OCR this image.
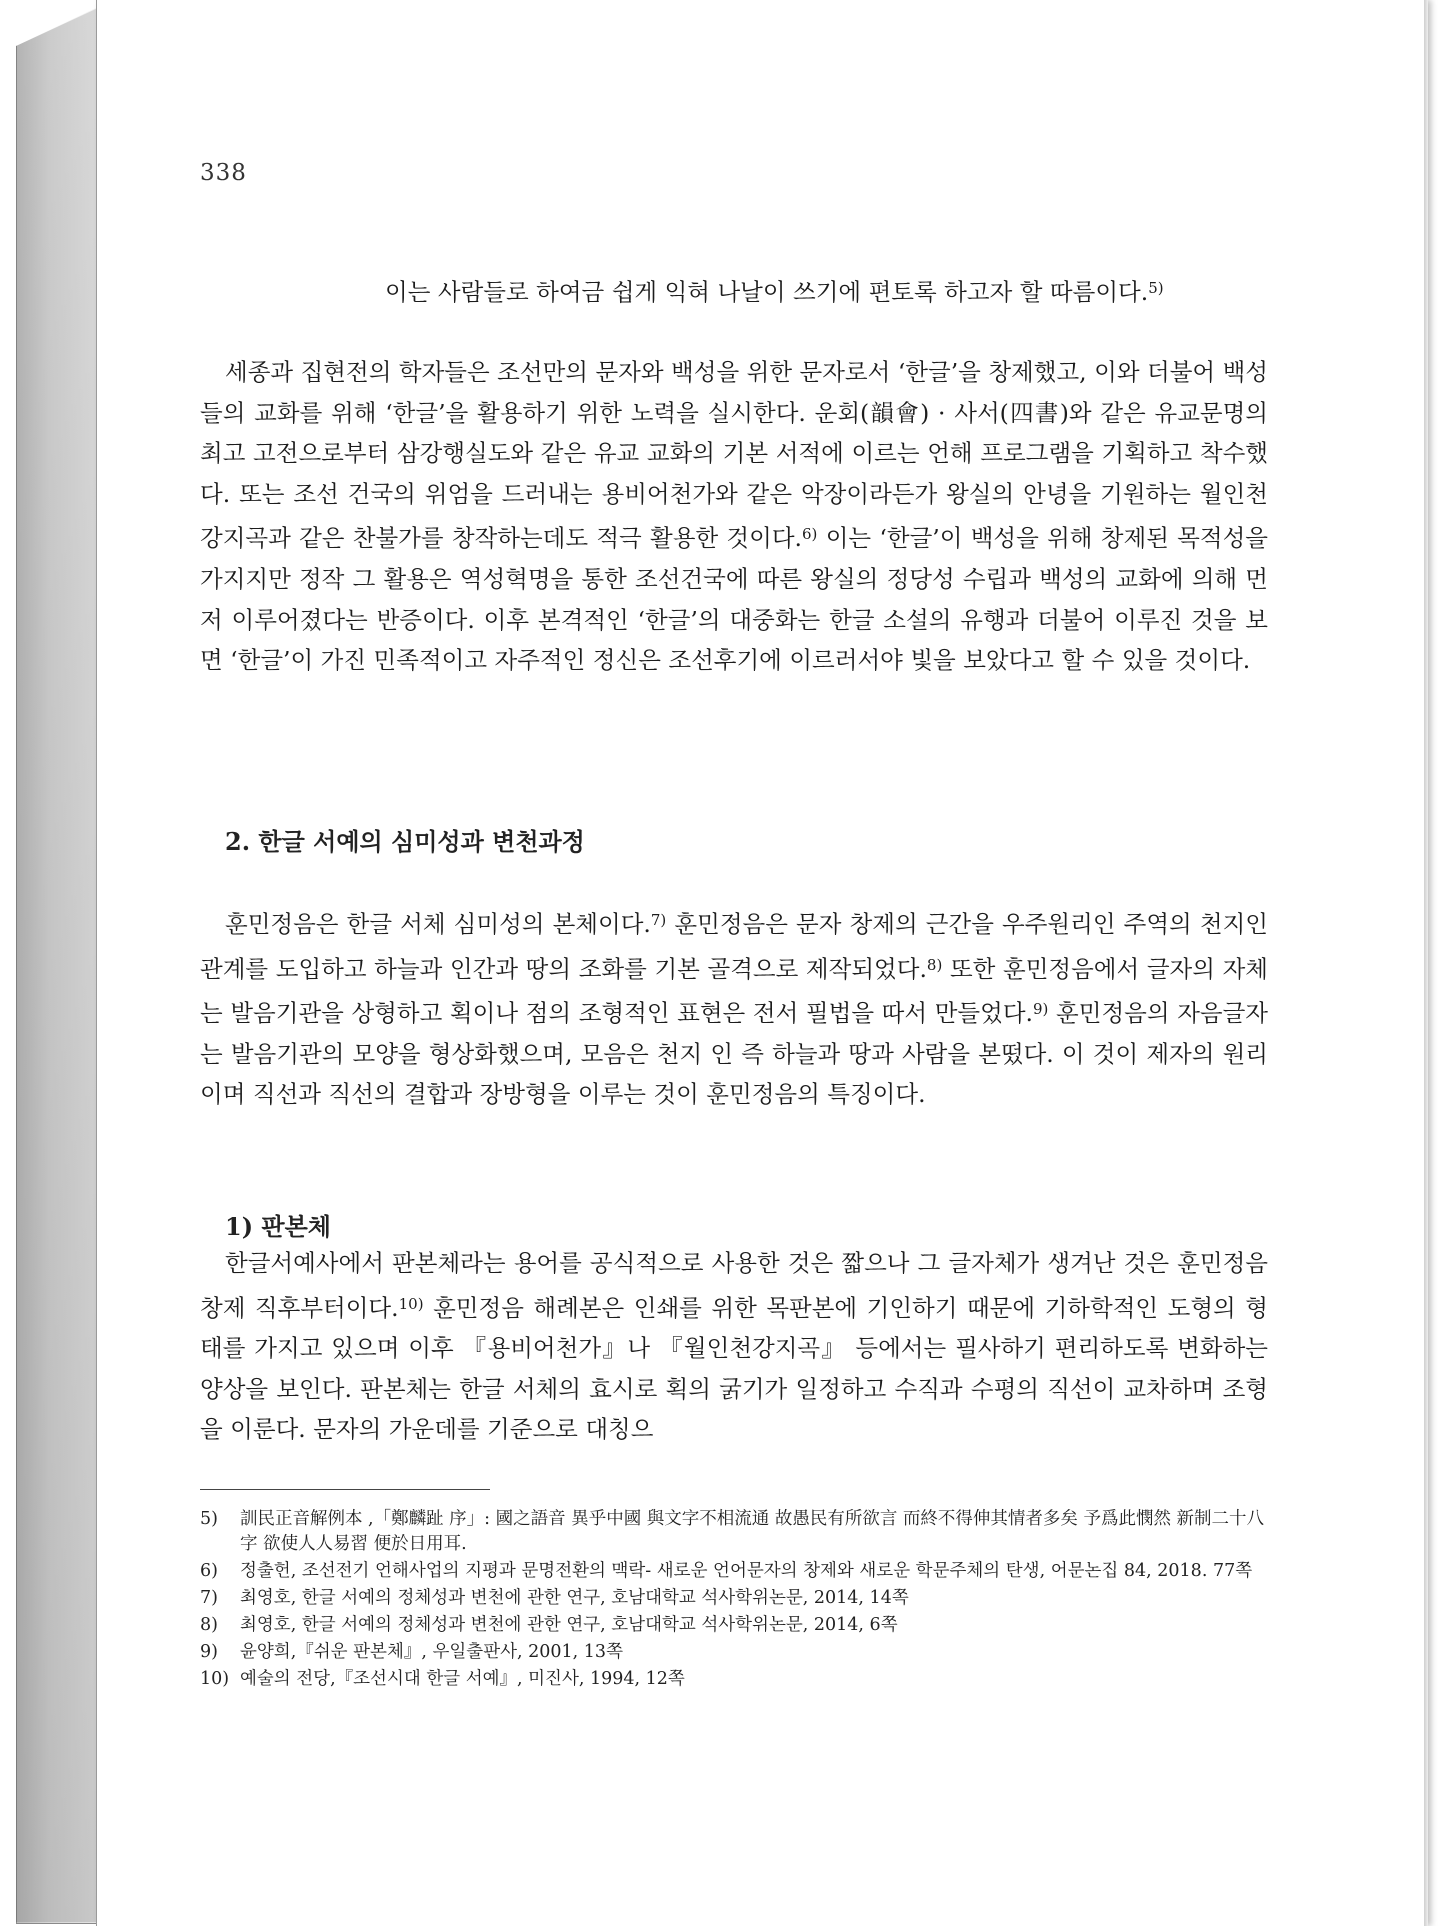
338
이는 사람들로 하여금 쉽게 익혀 나날이 쓰기에 편토록 하고자 할 따름이다.$^{5)}$
세종과 집현전의 학자들은 조선만의 문자와 백성을 위한 문자로서 ‘한글’을 창제했고, 이와 더불어 백성들의 교화를 위해 ‘한글’을 활용하기 위한 노력을 실시한다. 운회(韻會) · 사서(四書)와 같은 유교문명의 최고 고전으로부터 삼강행실도와 같은 유교 교화의 기본 서적에 이르는 언해 프로그램을 기획하고 착수했다. 또는 조선 건국의 위엄을 드러내는 용비어천가와 같은 악장이라든가 왕실의 안녕을 기원하는 월인천강지곡과 같은 찬불가를 창작하는데도 적극 활용한 것이다.$^{6)}$ 이는 ‘한글’이 백성을 위해 창제된 목적성을 가지지만 정작 그 활용은 역성혁명을 통한 조선건국에 따른 왕실의 정당성 수립과 백성의 교화에 의해 먼저 이루어졌다는 반증이다. 이후 본격적인 ‘한글’의 대중화는 한글 소설의 유행과 더불어 이루진 것을 보면 ‘한글’이 가진 민족적이고 자주적인 정신은 조선후기에 이르러서야 빛을 보았다고 할 수 있을 것이다.
2. 한글 서예의 심미성과 변천과정
훈민정음은 한글 서체 심미성의 본체이다.$^{7)}$ 훈민정음은 문자 창제의 근간을 우주원리인 주역의 천지인 관계를 도입하고 하늘과 인간과 땅의 조화를 기본 골격으로 제작되었다.$^{8)}$ 또한 훈민정음에서 글자의 자체는 발음기관을 상형하고 획이나 점의 조형적인 표현은 전서 필법을 따서 만들었다.$^{9)}$ 훈민정음의 자음글자는 발음기관의 모양을 형상화했으며, 모음은 천지 인 즉 하늘과 땅과 사람을 본떴다. 이 것이 제자의 원리이며 직선과 직선의 결합과 장방형을 이루는 것이 훈민정음의 특징이다.
1) 판본체
한글서예사에서 판본체라는 용어를 공식적으로 사용한 것은 짧으나 그 글자체가 생겨난 것은 훈민정음 창제 직후부터이다.$^{10)}$ 훈민정음 해례본은 인쇄를 위한 목판본에 기인하기 때문에 기하학적인 도형의 형태를 가지고 있으며 이후 『용비어천가』나 『월인천강지곡』 등에서는 필사하기 편리하도록 변화하는 양상을 보인다. 판본체는 한글 서체의 효시로 획의 굵기가 일정하고 수직과 수평의 직선이 교차하며 조형을 이룬다. 문자의 가운데를 기준으로 대칭으
5) 訓民正音解例本 ,「鄭麟趾 序」: 國之語音 異乎中國 與文字不相流通 故愚民有所欲言 而終不得伸其情者多矣 予爲此憫然 新制二十八字 欲使人人易習 便於日用耳.
6) 정출헌, 조선전기 언해사업의 지평과 문명전환의 맥락- 새로운 언어문자의 창제와 새로운 학문주체의 탄생, 어문논집 84, 2018. 77쪽
7) 최영호, 한글 서예의 정체성과 변천에 관한 연구, 호남대학교 석사학위논문, 2014, 14쪽
8) 최영호, 한글 서예의 정체성과 변천에 관한 연구, 호남대학교 석사학위논문, 2014, 6쪽
9) 윤양희,『쉬운 판본체』, 우일출판사, 2001, 13쪽
10) 예술의 전당,『조선시대 한글 서예』, 미진사, 1994, 12쪽
